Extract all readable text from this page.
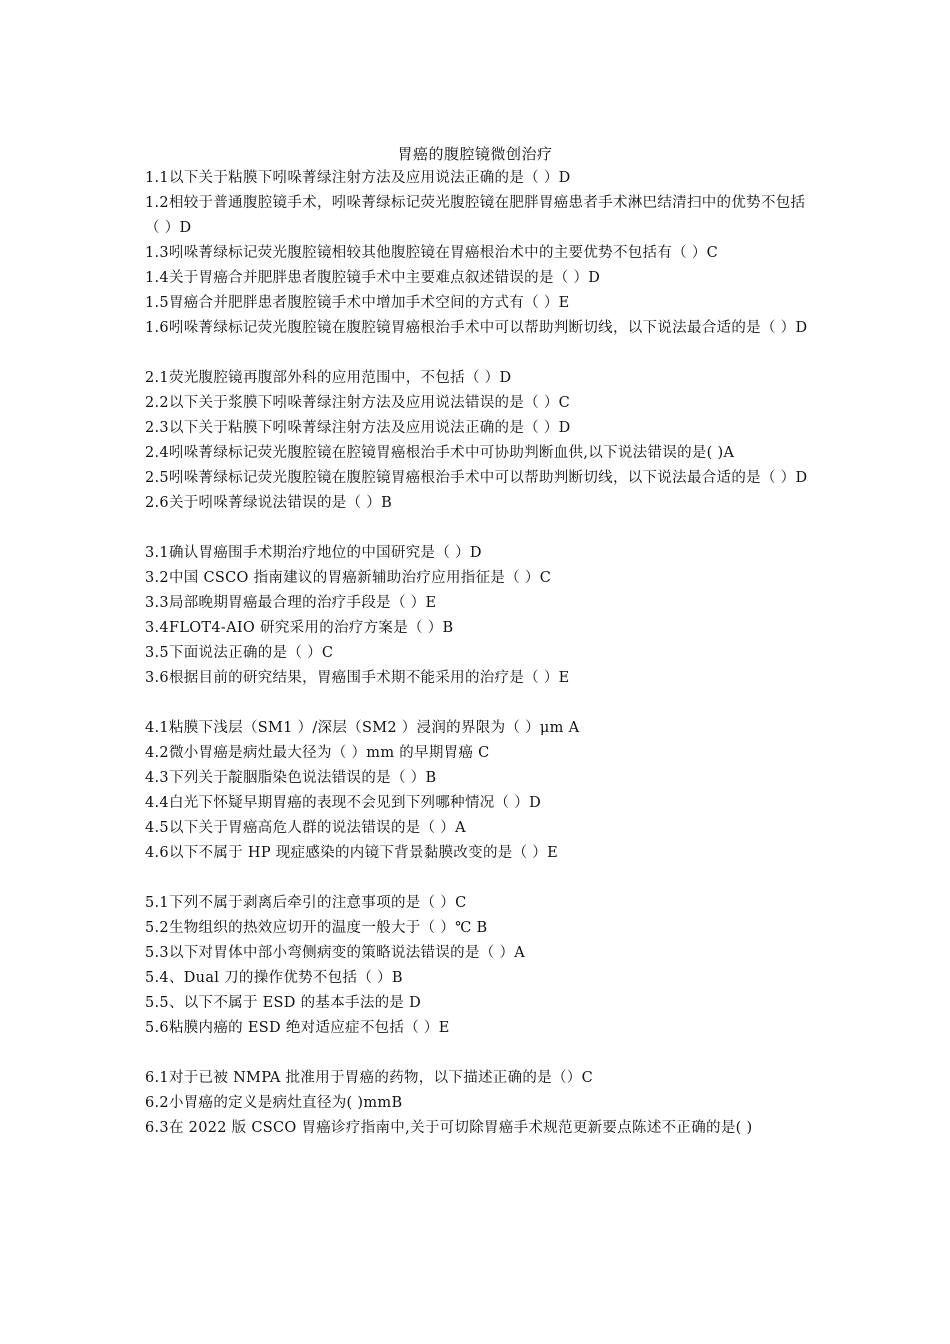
胃癌的腹腔镜微创治疗
1.1以下关于粘膜下吲哚菁绿注射方法及应用说法正确的是（ ）D
1.2相较于普通腹腔镜手术，吲哚菁绿标记荧光腹腔镜在肥胖胃癌患者手术淋巴结清扫中的优势不包括（ ）D
1.3吲哚菁绿标记荧光腹腔镜相较其他腹腔镜在胃癌根治术中的主要优势不包括有（ ）C
1.4关于胃癌合并肥胖患者腹腔镜手术中主要难点叙述错误的是（ ）D
1.5胃癌合并肥胖患者腹腔镜手术中增加手术空间的方式有（ ）E
1.6吲哚菁绿标记荧光腹腔镜在腹腔镜胃癌根治手术中可以帮助判断切线，以下说法最合适的是（ ）D
2.1荧光腹腔镜再腹部外科的应用范围中，不包括（ ）D
2.2以下关于浆膜下吲哚菁绿注射方法及应用说法错误的是（ ）C
2.3以下关于粘膜下吲哚菁绿注射方法及应用说法正确的是（ ）D
2.4吲哚菁绿标记荧光腹腔镜在腔镜胃癌根治手术中可协助判断血供,以下说法错误的是( )A
2.5吲哚菁绿标记荧光腹腔镜在腹腔镜胃癌根治手术中可以帮助判断切线，以下说法最合适的是（ ）D
2.6关于吲哚菁绿说法错误的是（ ）B
3.1确认胃癌围手术期治疗地位的中国研究是（ ）D
3.2中国 CSCO 指南建议的胃癌新辅助治疗应用指征是（ ）C
3.3局部晚期胃癌最合理的治疗手段是（ ）E
3.4FLOT4-AIO 研究采用的治疗方案是（ ）B
3.5下面说法正确的是（ ）C
3.6根据目前的研究结果，胃癌围手术期不能采用的治疗是（ ）E
4.1粘膜下浅层（SM1 ）/深层（SM2 ）浸润的界限为（ ）μm A
4.2微小胃癌是病灶最大径为（ ）mm 的早期胃癌 C
4.3下列关于靛胭脂染色说法错误的是（ ）B
4.4白光下怀疑早期胃癌的表现不会见到下列哪种情况（ ）D
4.5以下关于胃癌高危人群的说法错误的是（ ）A
4.6以下不属于 HP 现症感染的内镜下背景黏膜改变的是（ ）E
5.1下列不属于剥离后牵引的注意事项的是（ ）C
5.2生物组织的热效应切开的温度一般大于（ ）℃ B
5.3以下对胃体中部小弯侧病变的策略说法错误的是（ ）A
5.4、Dual 刀的操作优势不包括（ ）B
5.5、以下不属于 ESD 的基本手法的是 D
5.6粘膜内癌的 ESD 绝对适应症不包括（ ）E
6.1对于已被 NMPA 批准用于胃癌的药物，以下描述正确的是（）C
6.2小胃癌的定义是病灶直径为( )mmB
6.3在 2022 版 CSCO 胃癌诊疗指南中,关于可切除胃癌手术规范更新要点陈述不正确的是( )
